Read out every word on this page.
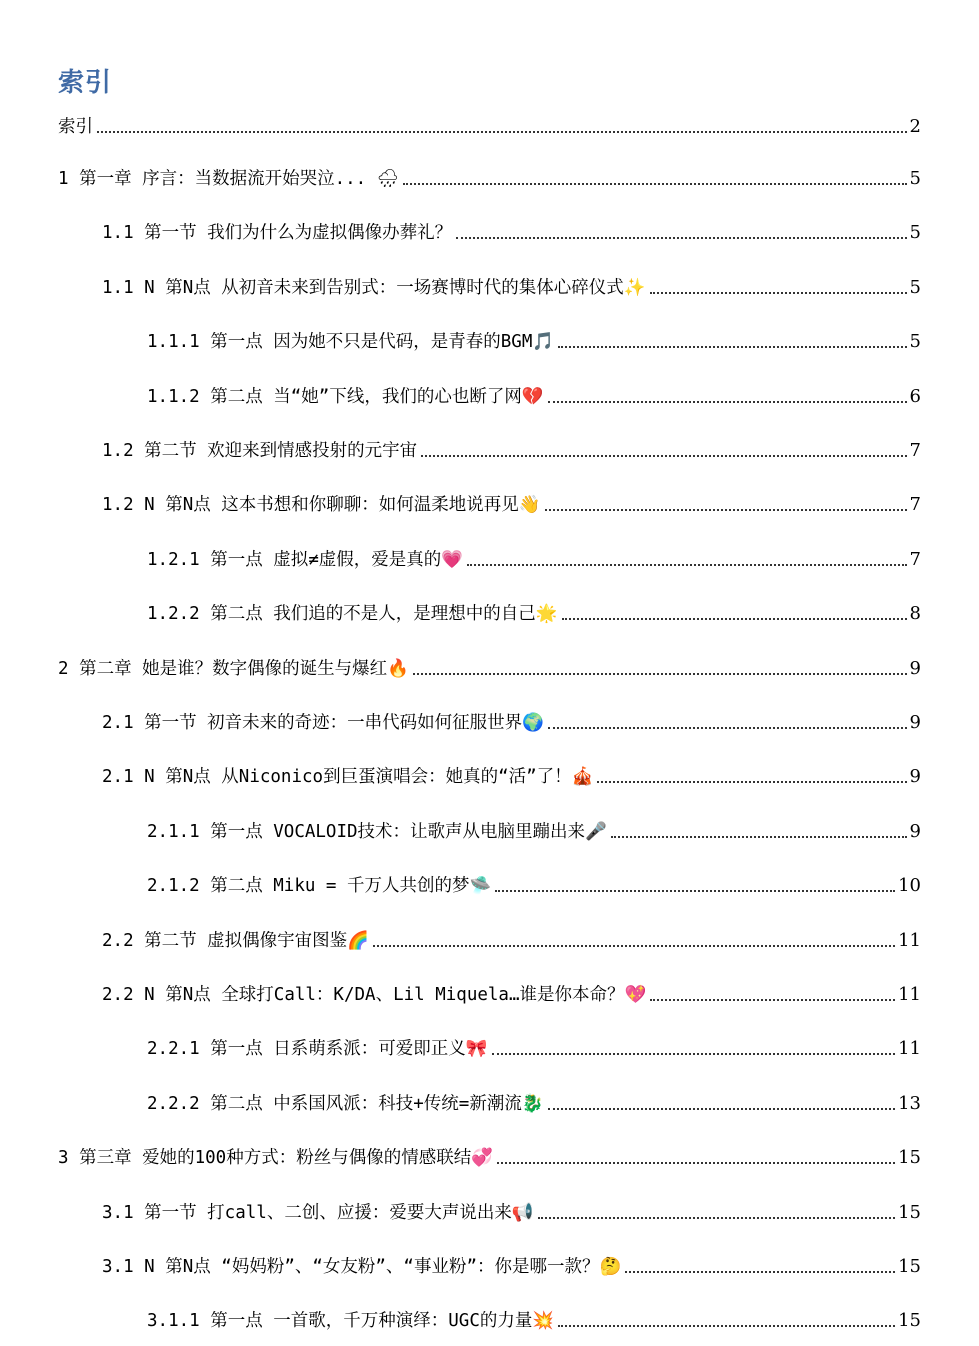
索引
索引	2
1 第一章 序言：当数据流开始哭泣... 🌧	5
1.1 第一节 我们为什么为虚拟偶像办葬礼？	5
1.1 N 第N点 从初音未来到告别式：一场赛博时代的集体心碎仪式✨	5
1.1.1 第一点 因为她不只是代码，是青春的BGM🎵	5
1.1.2 第二点 当“她”下线，我们的心也断了网💔	6
1.2 第二节 欢迎来到情感投射的元宇宙	7
1.2 N 第N点 这本书想和你聊聊：如何温柔地说再见👋	7
1.2.1 第一点 虚拟≠虚假，爱是真的💗	7
1.2.2 第二点 我们追的不是人，是理想中的自己🌟	8
2 第二章 她是谁？数字偶像的诞生与爆红🔥	9
2.1 第一节 初音未来的奇迹：一串代码如何征服世界🌍	9
2.1 N 第N点 从Niconico到巨蛋演唱会：她真的“活”了！🎪	9
2.1.1 第一点 VOCALOID技术：让歌声从电脑里蹦出来🎤	9
2.1.2 第二点 Miku = 千万人共创的梦🛸	10
2.2 第二节 虚拟偶像宇宙图鉴🌈	11
2.2 N 第N点 全球打Call：K/DA、Lil Miquela…谁是你本命？💖	11
2.2.1 第一点 日系萌系派：可爱即正义🎀	11
2.2.2 第二点 中系国风派：科技+传统=新潮流🐉	13
3 第三章 爱她的100种方式：粉丝与偶像的情感联结💞	15
3.1 第一节 打call、二创、应援：爱要大声说出来📢	15
3.1 N 第N点 “妈妈粉”、“女友粉”、“事业粉”：你是哪一款？🤔	15
3.1.1 第一点 一首歌，千万种演绎：UGC的力量💥	15
